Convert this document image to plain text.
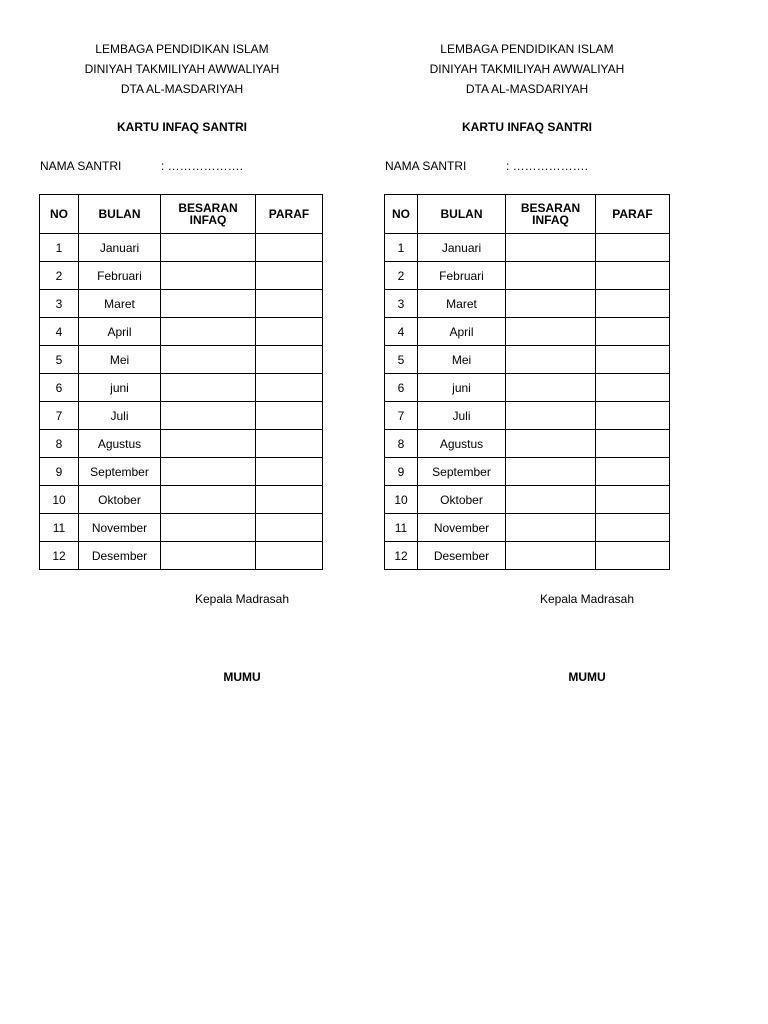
LEMBAGA PENDIDIKAN ISLAM
DINIYAH TAKMILIYAH AWWALIYAH
DTA AL-MASDARIYAH
KARTU INFAQ SANTRI
NAMA SANTRI	: ……………….
NO	BULAN	BESARAN INFAQ	PARAF
1	Januari		
2	Februari		
3	Maret		
4	April		
5	Mei		
6	juni		
7	Juli		
8	Agustus		
9	September		
10	Oktober		
11	November		
12	Desember		
Kepala Madrasah
MUMU
LEMBAGA PENDIDIKAN ISLAM
DINIYAH TAKMILIYAH AWWALIYAH
DTA AL-MASDARIYAH
KARTU INFAQ SANTRI
NAMA SANTRI	: ……………….
NO	BULAN	BESARAN INFAQ	PARAF
1	Januari		
2	Februari		
3	Maret		
4	April		
5	Mei		
6	juni		
7	Juli		
8	Agustus		
9	September		
10	Oktober		
11	November		
12	Desember		
Kepala Madrasah
MUMU
